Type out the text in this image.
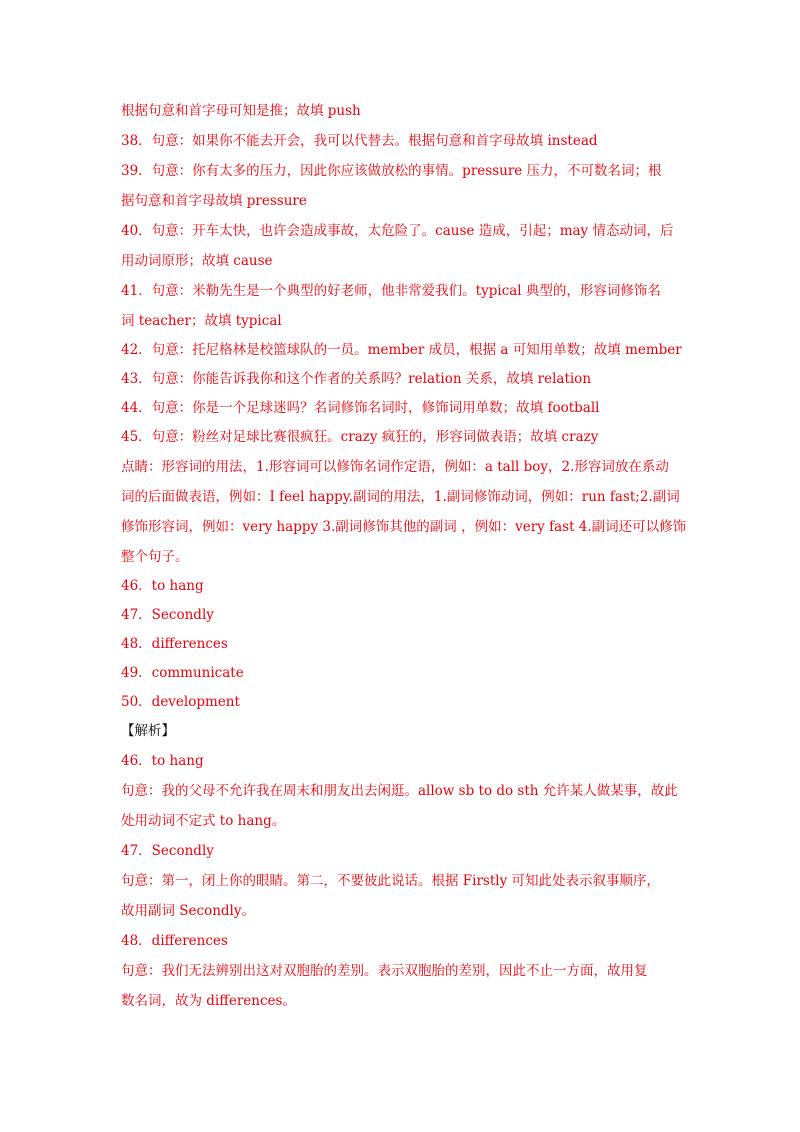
根据句意和首字母可知是推；故填 push
38．句意：如果你不能去开会，我可以代替去。根据句意和首字母故填 instead
39．句意：你有太多的压力，因此你应该做放松的事情。pressure 压力，不可数名词；根
据句意和首字母故填 pressure
40．句意：开车太快，也许会造成事故，太危险了。cause 造成，引起；may 情态动词，后
用动词原形；故填 cause
41．句意：米勒先生是一个典型的好老师，他非常爱我们。typical 典型的，形容词修饰名
词 teacher；故填 typical
42．句意：托尼格林是校篮球队的一员。member 成员，根据 a 可知用单数；故填 member
43．句意：你能告诉我你和这个作者的关系吗？relation 关系，故填 relation
44．句意：你是一个足球迷吗？名词修饰名词时，修饰词用单数；故填 football
45．句意：粉丝对足球比赛很疯狂。crazy 疯狂的，形容词做表语；故填 crazy
点睛：形容词的用法，1.形容词可以修饰名词作定语，例如：a tall boy，2.形容词放在系动
词的后面做表语，例如：I feel happy.副词的用法，1.副词修饰动词，例如：run fast;2.副词
修饰形容词，例如：very happy 3.副词修饰其他的副词 ，例如：very fast 4.副词还可以修饰
整个句子。
46．to hang
47．Secondly
48．differences
49．communicate
50．development
【解析】
46．to hang
句意：我的父母不允许我在周末和朋友出去闲逛。allow sb to do sth 允许某人做某事，故此
处用动词不定式 to hang。
47．Secondly
句意：第一，闭上你的眼睛。第二，不要彼此说话。根据 Firstly 可知此处表示叙事顺序，
故用副词 Secondly。
48．differences
句意：我们无法辨别出这对双胞胎的差别。表示双胞胎的差别，因此不止一方面，故用复
数名词，故为 differences。
